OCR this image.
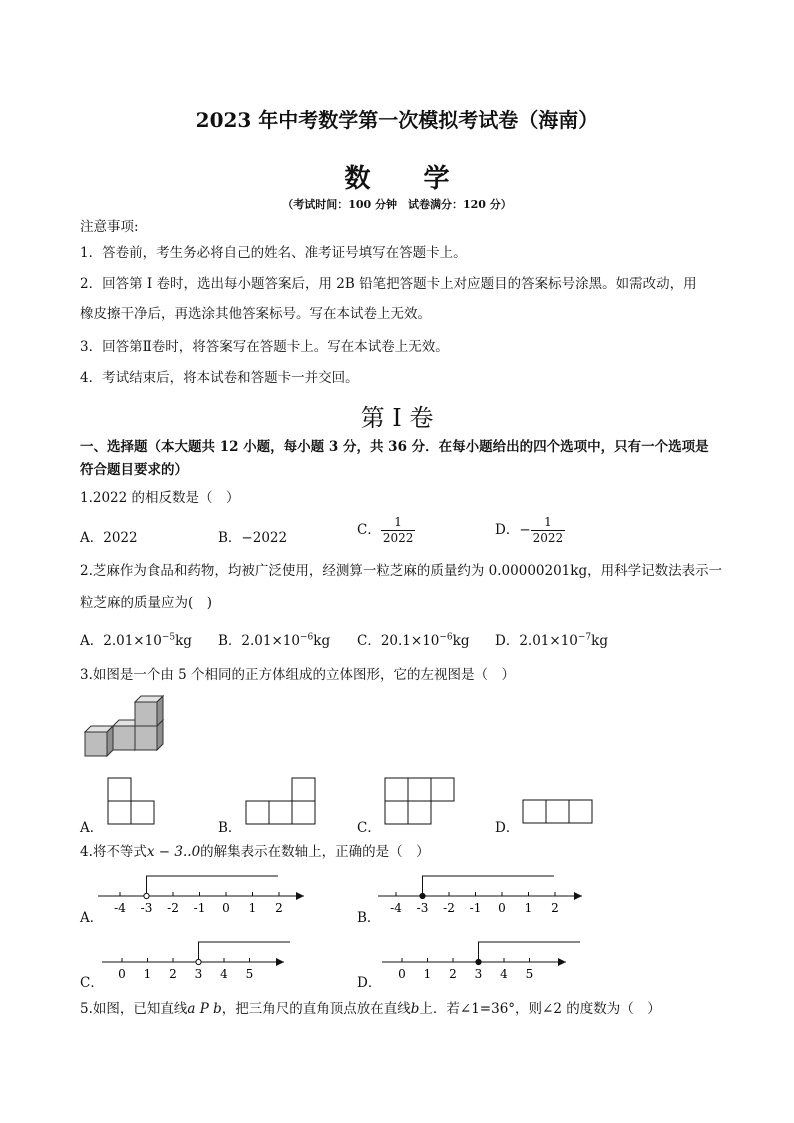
2023 年中考数学第一次模拟考试卷（海南）
数 学
（考试时间：100 分钟　试卷满分：120 分）
注意事项:
1．答卷前，考生务必将自己的姓名、准考证号填写在答题卡上。
2．回答第 I 卷时，选出每小题答案后，用 2B 铅笔把答题卡上对应题目的答案标号涂黑。如需改动，用
橡皮擦干净后，再选涂其他答案标号。写在本试卷上无效。
3．回答第Ⅱ卷时，将答案写在答题卡上。写在本试卷上无效。
4．考试结束后，将本试卷和答题卡一并交回。
第 I 卷
一、选择题（本大题共 12 小题，每小题 3 分，共 36 分．在每小题给出的四个选项中，只有一个选项是
符合题目要求的）
1.2022 的相反数是（　）
A．2022	B．−2022	C． $\frac{1}{2022}$	D．− $\frac{1}{2022}$
2.芝麻作为食品和药物，均被广泛使用，经测算一粒芝麻的质量约为 0.00000201kg，用科学记数法表示一
粒芝麻的质量应为(　)
A．$2.01\times 10^{-5}kg$ B．$2.01\times 10^{-6}kg$ C．$20.1\times 10^{-6}kg$ D．$2.01\times 10^{-7}kg$
3.如图是一个由 5 个相同的正方体组成的立体图形，它的左视图是（　）
A．	B．	C．	D．
4.将不等式x − 3..0的解集表示在数轴上，正确的是（　）
A．
-4 -3 -2 -1 0 1 2
B．
-4 -3 -2 -1 0 1 2
C．
0 1 2 3 4 5
D．
0 1 2 3 4 5
5.如图，已知直线a P b，把三角尺的直角顶点放在直线b上．若∠1=36°，则∠2 的度数为（　）
